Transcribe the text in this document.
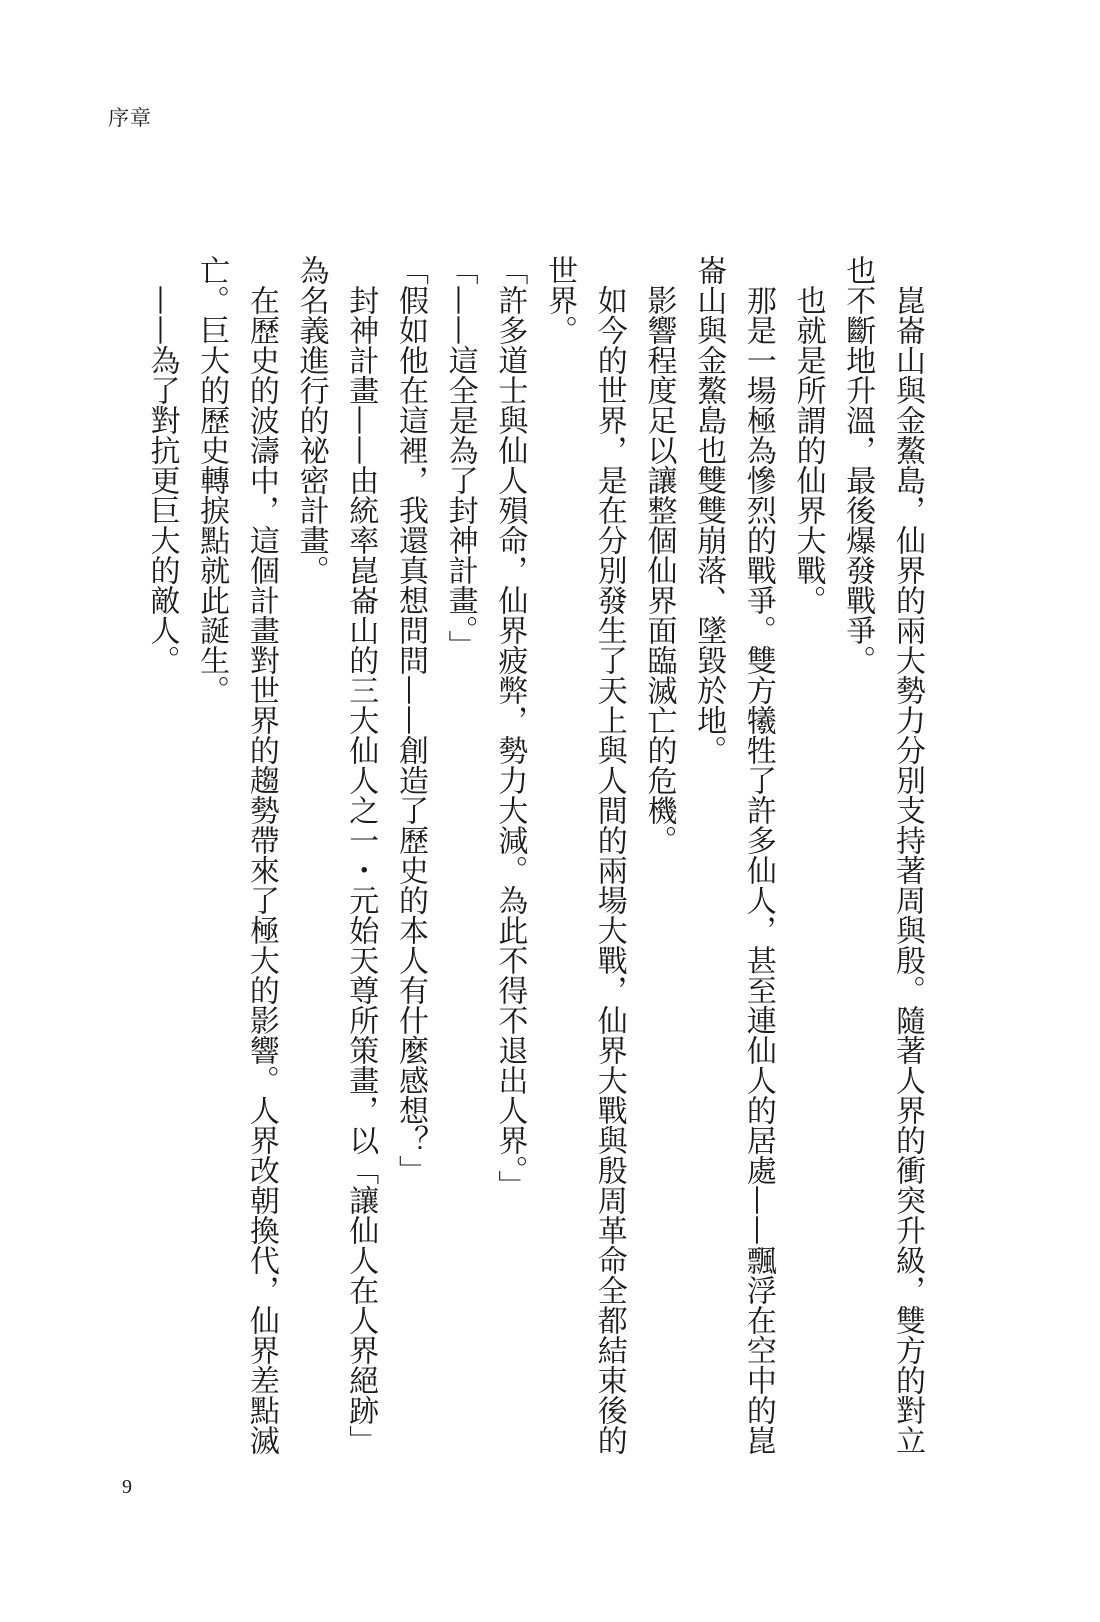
序章
崑崙山與金鰲島，仙界的兩大勢力分別支持著周與殷。隨著人界的衝突升級，雙方的對立
也不斷地升溫，最後爆發戰爭。
也就是所謂的仙界大戰。
那是一場極為慘烈的戰爭。雙方犧牲了許多仙人，甚至連仙人的居處——飄浮在空中的崑
崙山與金鰲島也雙雙崩落、墜毀於地。
影響程度足以讓整個仙界面臨滅亡的危機。
如今的世界，是在分別發生了天上與人間的兩場大戰，仙界大戰與殷周革命全都結束後的
世界。
「許多道士與仙人殞命，仙界疲弊，勢力大減。為此不得不退出人界。」
「——這全是為了封神計畫。」
「假如他在這裡，我還真想問問——創造了歷史的本人有什麼感想？」
封神計畫——由統率崑崙山的三大仙人之一・元始天尊所策畫，以「讓仙人在人界絕跡」
為名義進行的祕密計畫。
在歷史的波濤中，這個計畫對世界的趨勢帶來了極大的影響。人界改朝換代，仙界差點滅
亡。巨大的歷史轉捩點就此誕生。
——為了對抗更巨大的敵人。
9
